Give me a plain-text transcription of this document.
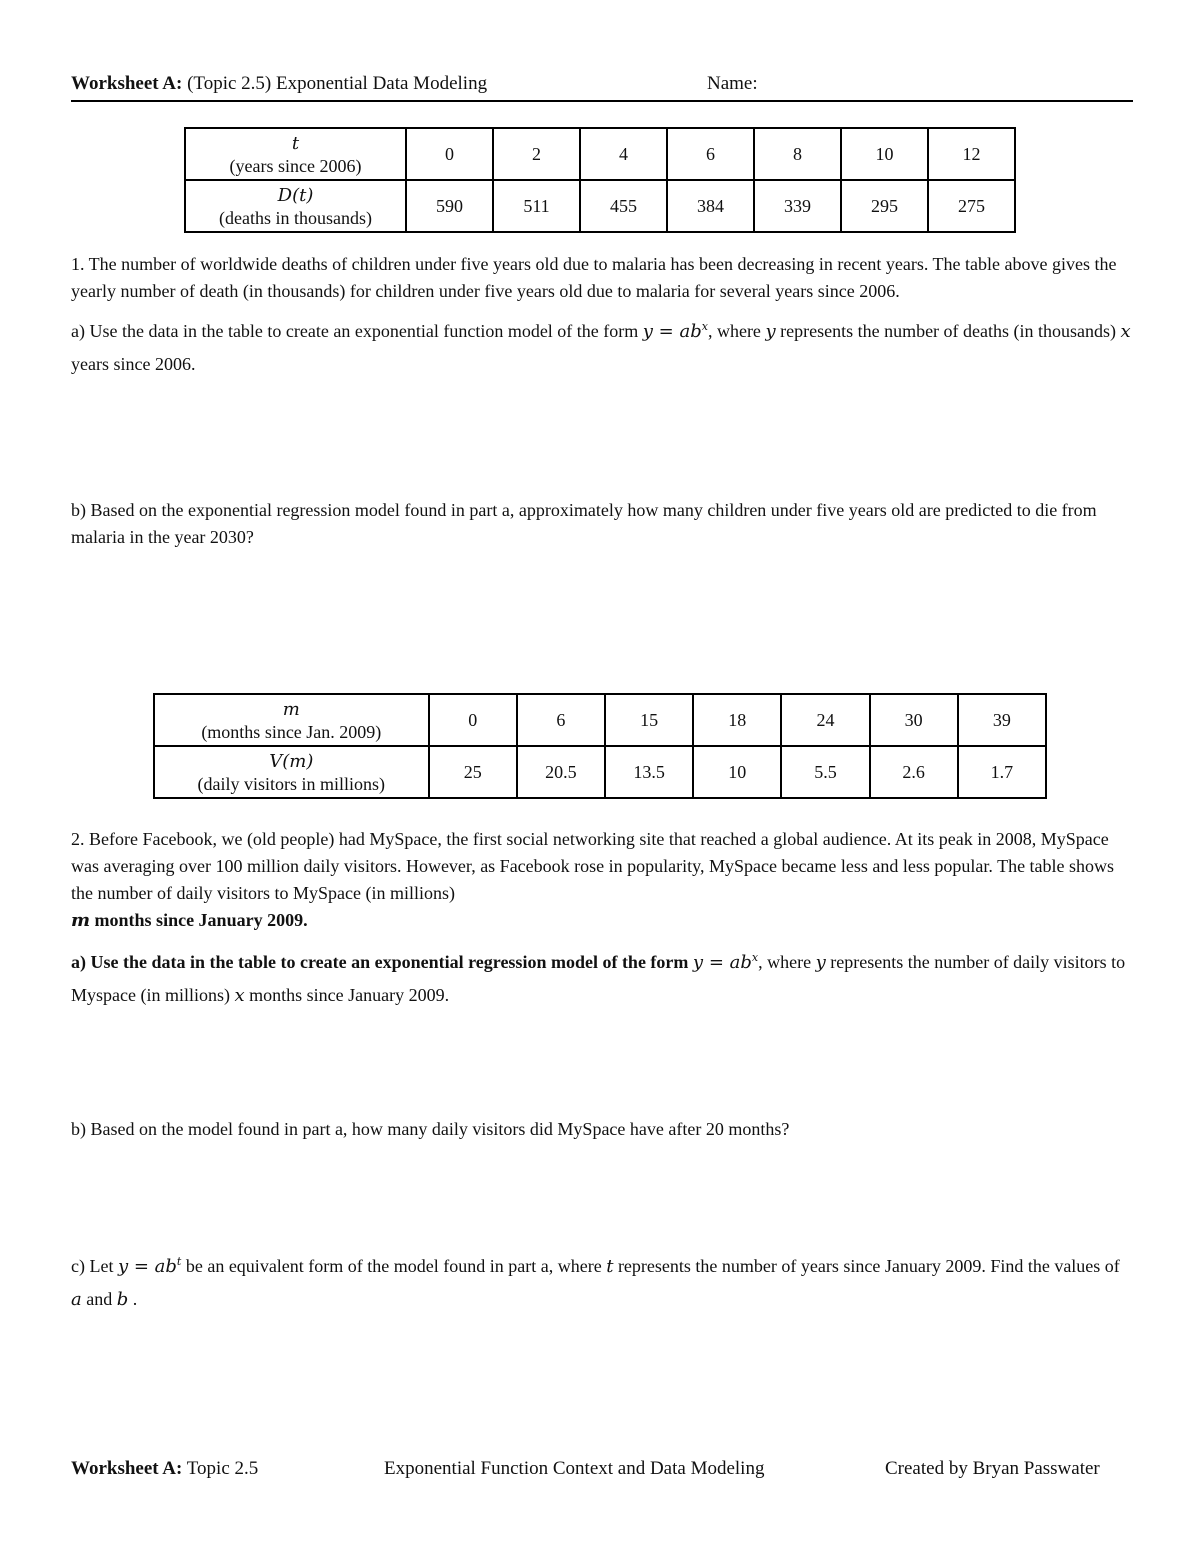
Worksheet A: (Topic 2.5) Exponential Data Modeling	Name:
t
(years since 2006)	0	2	4	6	8	10	12
D(t)
(deaths in thousands)	590	511	455	384	339	295	275

1. The number of worldwide deaths of children under five years old due to malaria has been decreasing in recent years. The table above gives the yearly number of death (in thousands) for children under five years old due to malaria for several years since 2006.

a) Use the data in the table to create an exponential function model of the form $y = ab^x$, where y represents the number of deaths (in thousands) x years since 2006.

b) Based on the exponential regression model found in part a, approximately how many children under five years old are predicted to die from malaria in the year 2030?
m
(months since Jan. 2009)	0	6	15	18	24	30	39
V(m)
(daily visitors in millions)	25	20.5	13.5	10	5.5	2.6	1.7

2. Before Facebook, we (old people) had MySpace, the first social networking site that reached a global audience. At its peak in 2008, MySpace was averaging over 100 million daily visitors. However, as Facebook rose in popularity, MySpace became less and less popular. The table shows the number of daily visitors to MySpace (in millions)
m months since January 2009.

a) Use the data in the table to create an exponential regression model of the form $y = ab^x$, where y represents the number of daily visitors to Myspace (in millions) x months since January 2009.

b) Based on the model found in part a, how many daily visitors did MySpace have after 20 months?
c) Let $y = ab^t$ be an equivalent form of the model found in part a, where t represents the number of years since January 2009. Find the values of a and b .
Worksheet A: Topic 2.5	Exponential Function Context and Data Modeling	Created by Bryan Passwater
